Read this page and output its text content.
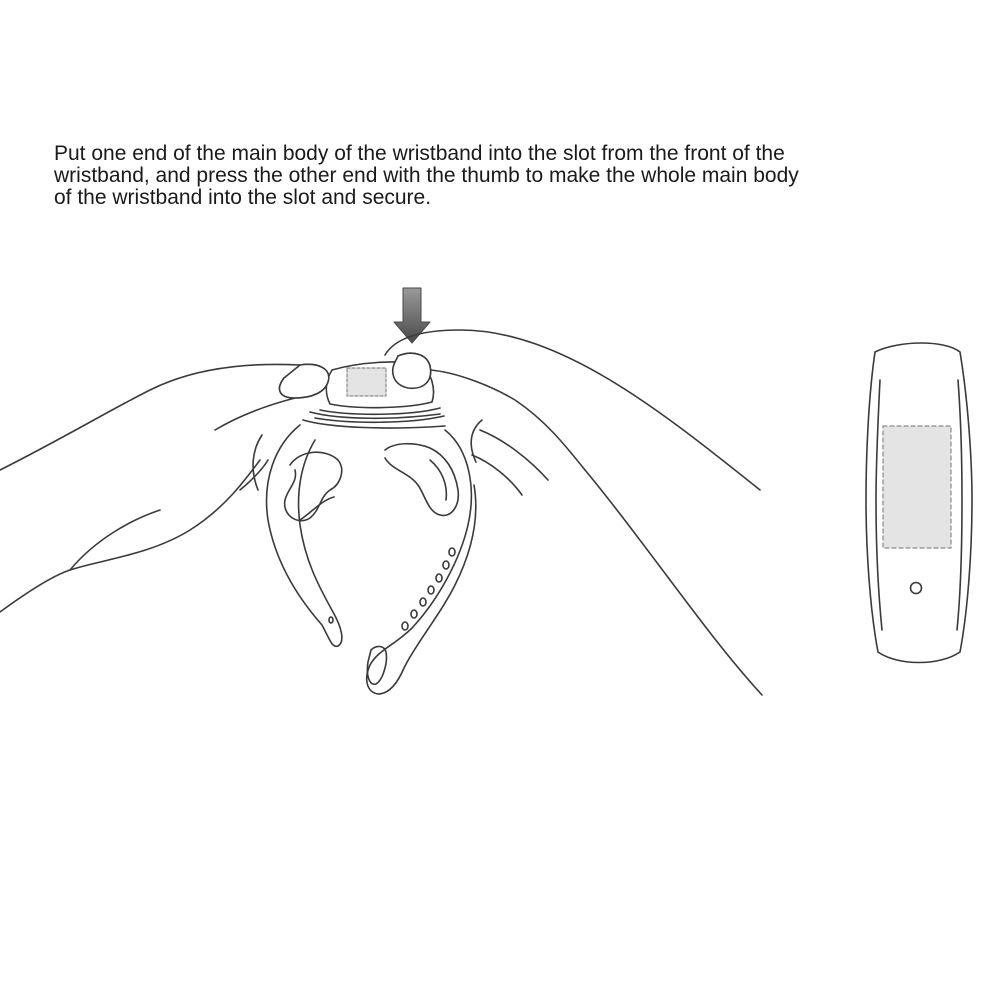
Put one end of the main body of the wristband into the slot from the front of the
wristband, and press the other end with the thumb to make the whole main body
of the wristband into the slot and secure.
